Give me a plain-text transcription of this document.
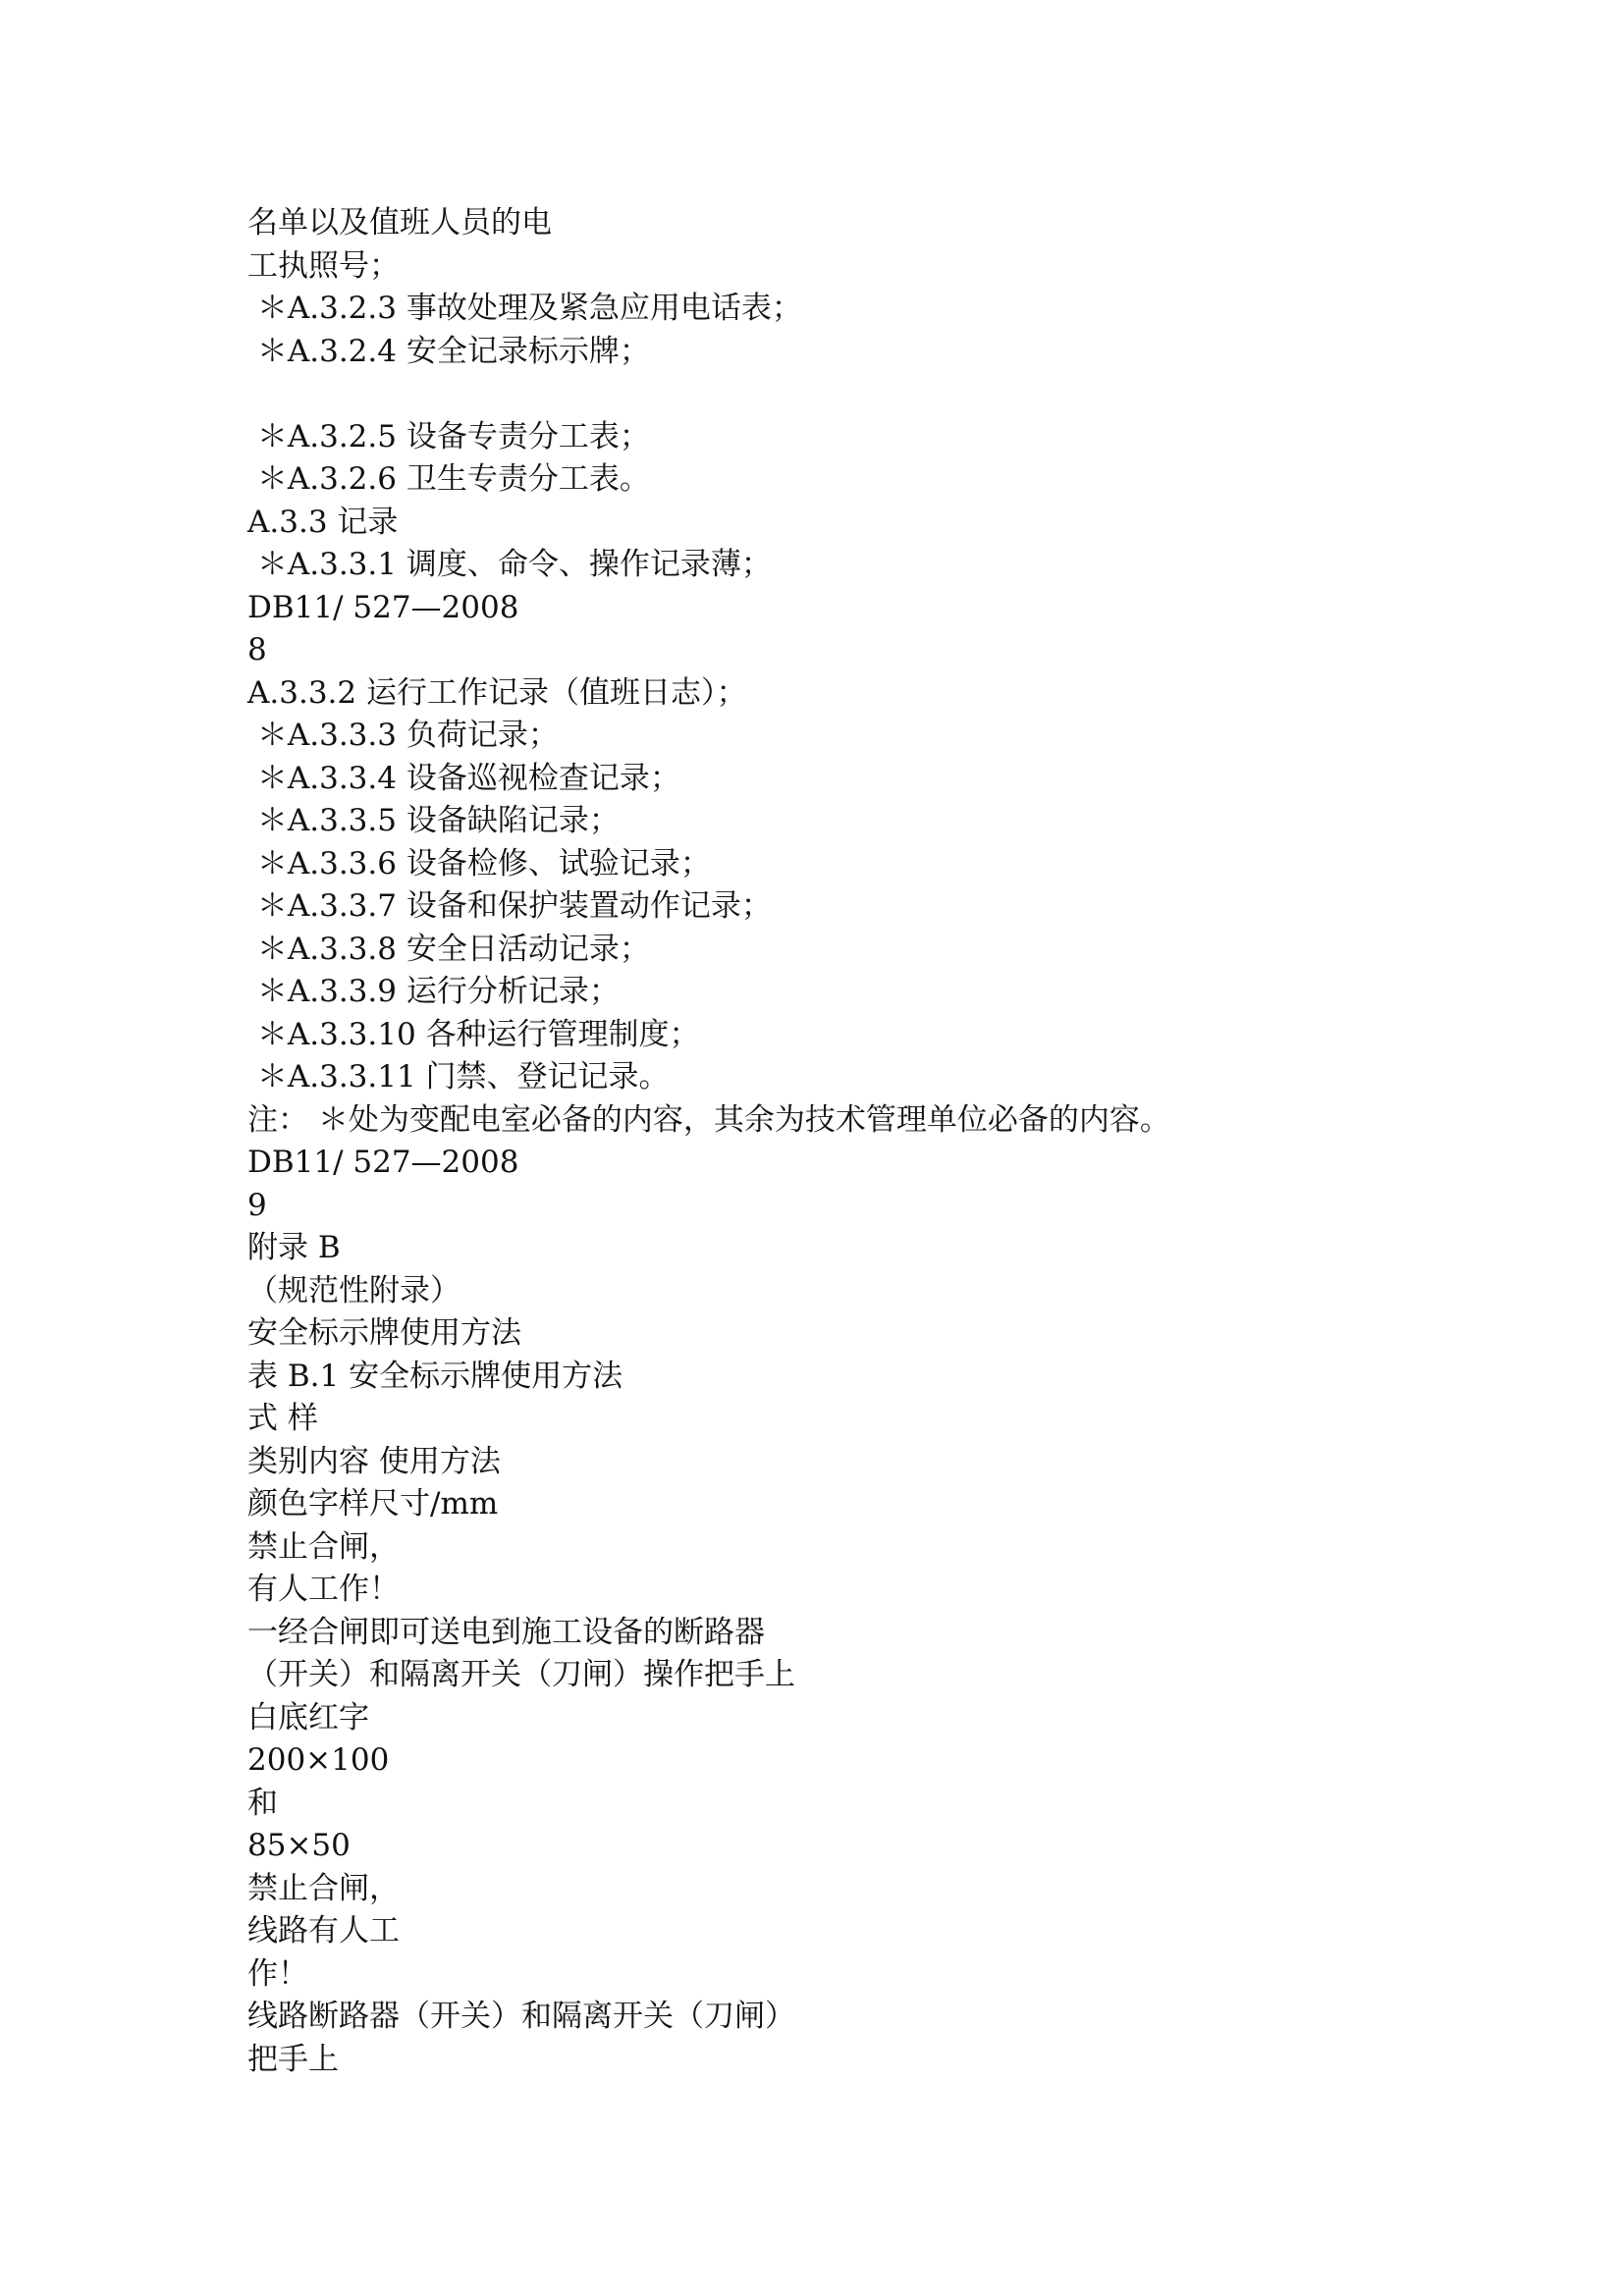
名单以及值班人员的电
工执照号；
＊A.3.2.3 事故处理及紧急应用电话表；
＊A.3.2.4 安全记录标示牌；
＊A.3.2.5 设备专责分工表；
＊A.3.2.6 卫生专责分工表。
A.3.3 记录
＊A.3.3.1 调度、命令、操作记录薄；
DB11/ 527—2008
8
A.3.3.2 运行工作记录（值班日志）；
＊A.3.3.3 负荷记录；
＊A.3.3.4 设备巡视检查记录；
＊A.3.3.5 设备缺陷记录；
＊A.3.3.6 设备检修、试验记录；
＊A.3.3.7 设备和保护装置动作记录；
＊A.3.3.8 安全日活动记录；
＊A.3.3.9 运行分析记录；
＊A.3.3.10 各种运行管理制度；
＊A.3.3.11 门禁、登记记录。
注： ＊处为变配电室必备的内容，其余为技术管理单位必备的内容。
DB11/ 527—2008
9
附录 B
（规范性附录）
安全标示牌使用方法
表 B.1 安全标示牌使用方法
式 样
类别内容 使用方法
颜色字样尺寸/mm
禁止合闸，
有人工作！
一经合闸即可送电到施工设备的断路器
（开关）和隔离开关（刀闸）操作把手上
白底红字
200×100
和
85×50
禁止合闸，
线路有人工
作！
线路断路器（开关）和隔离开关（刀闸）
把手上
